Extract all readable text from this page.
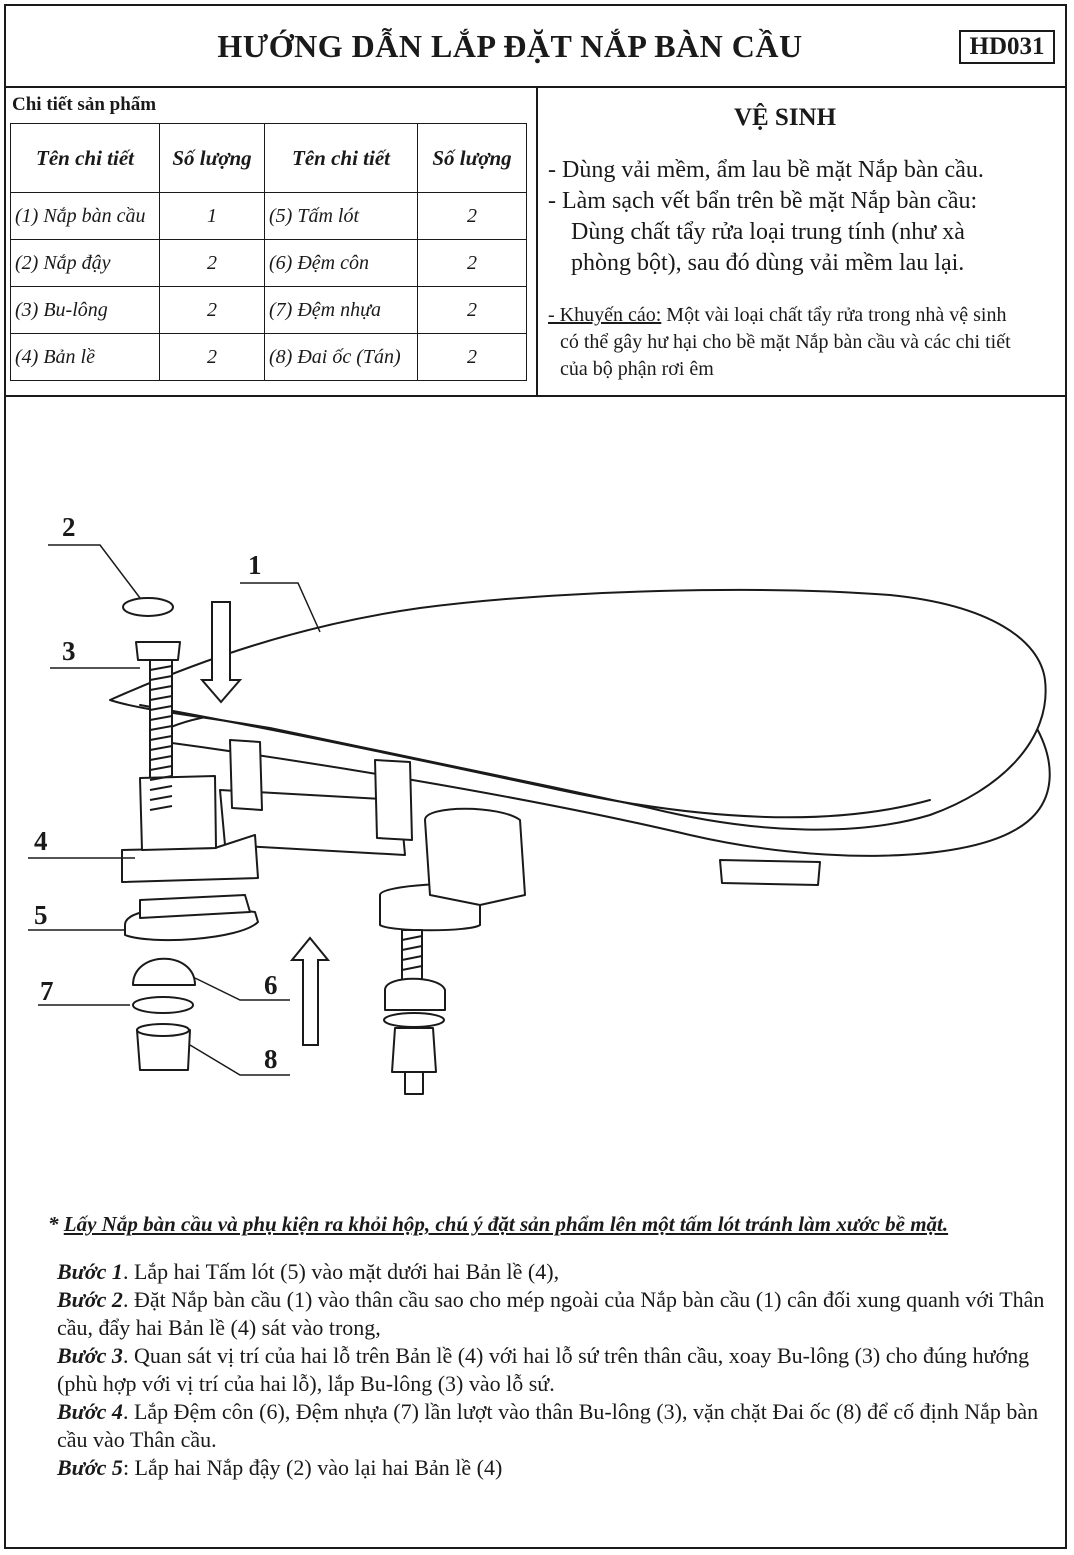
HƯỚNG DẪN LẮP ĐẶT NẮP BÀN CẦU	HD031
Chi tiết sản phẩm
Tên chi tiết	Số lượng	Tên chi tiết	Số lượng
(1) Nắp bàn cầu	1	(5) Tấm lót	2
(2) Nắp đậy	2	(6) Đệm côn	2
(3) Bu-lông	2	(7) Đệm nhựa	2
(4) Bản lề	2	(8) Đai ốc (Tán)	2
VỆ SINH
- Dùng vải mềm, ẩm lau bề mặt Nắp bàn cầu.
- Làm sạch vết bẩn trên bề mặt Nắp bàn cầu:
Dùng chất tẩy rửa loại trung tính (như xà
phòng bột), sau đó dùng vải mềm lau lại.
- Khuyến cáo: Một vài loại chất tẩy rửa trong nhà vệ sinh
có thể gây hư hại cho bề mặt Nắp bàn cầu và các chi tiết
của bộ phận rơi êm
2
1
3
4
5
6
7
8
* Lấy Nắp bàn cầu và phụ kiện ra khỏi hộp, chú ý đặt sản phẩm lên một tấm lót tránh làm xước bề mặt.
Bước 1. Lắp hai Tấm lót (5) vào mặt dưới hai Bản lề (4),
Bước 2. Đặt Nắp bàn cầu (1) vào thân cầu sao cho mép ngoài của Nắp bàn cầu (1) cân đối xung quanh với Thân cầu, đẩy hai Bản lề (4) sát vào trong,
Bước 3. Quan sát vị trí của hai lỗ trên Bản lề (4) với hai lỗ sứ trên thân cầu, xoay Bu-lông (3) cho đúng hướng (phù hợp với vị trí của hai lỗ), lắp Bu-lông (3) vào lỗ sứ.
Bước 4. Lắp Đệm côn (6), Đệm nhựa (7) lần lượt vào thân Bu-lông (3), vặn chặt Đai ốc (8) để cố định Nắp bàn cầu vào Thân cầu.
Bước 5: Lắp hai Nắp đậy (2) vào lại hai Bản lề (4)
